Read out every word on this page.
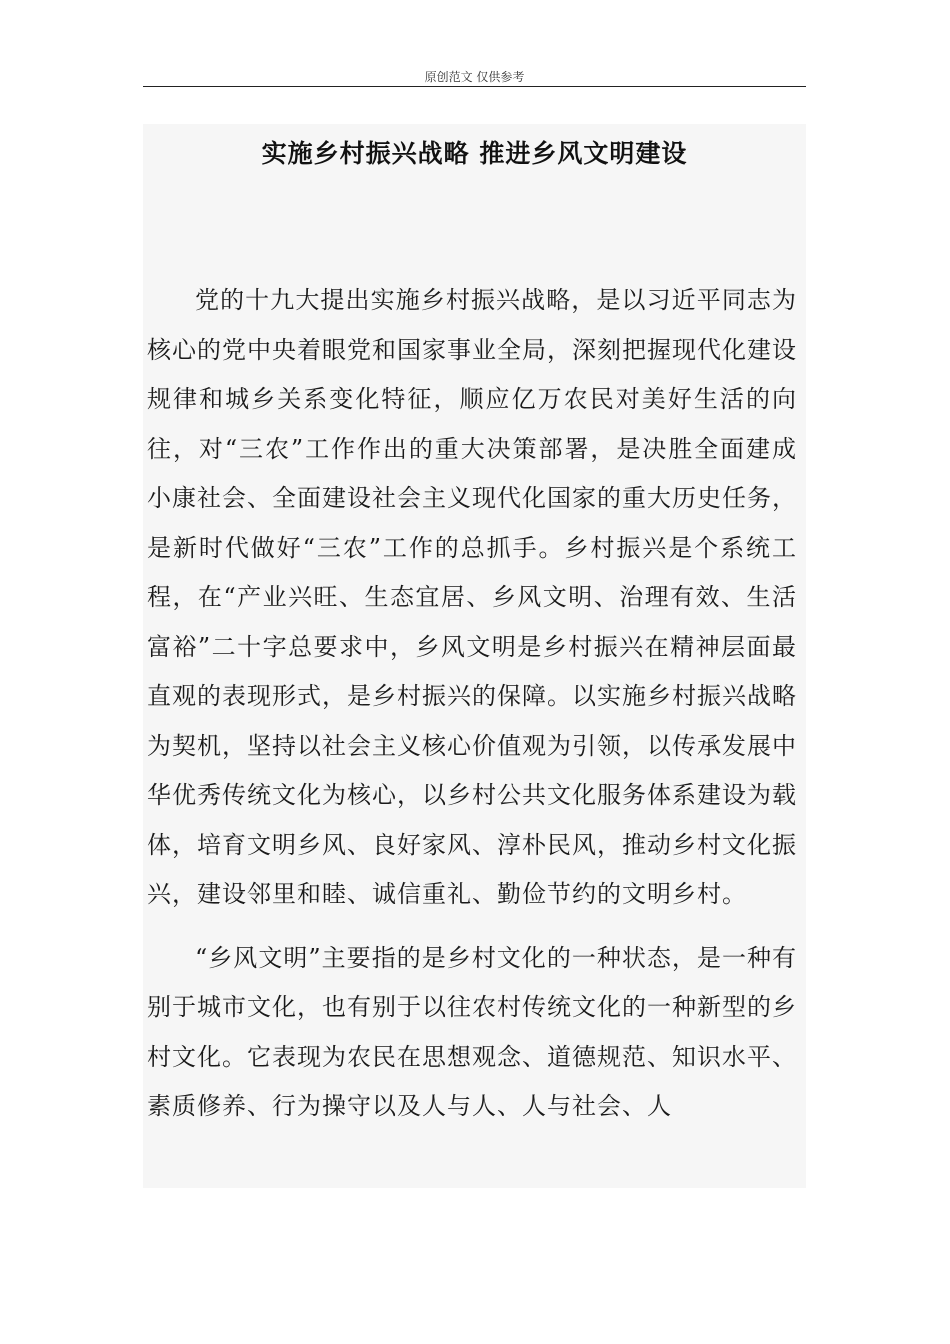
原创范文 仅供参考
实施乡村振兴战略 推进乡风文明建设

党的十九大提出实施乡村振兴战略，是以习近平同志为核心的党中央着眼党和国家事业全局，深刻把握现代化建设规律和城乡关系变化特征，顺应亿万农民对美好生活的向往，对“三农”工作作出的重大决策部署，是决胜全面建成小康社会、全面建设社会主义现代化国家的重大历史任务，是新时代做好“三农”工作的总抓手。乡村振兴是个系统工程，在“产业兴旺、生态宜居、乡风文明、治理有效、生活富裕”二十字总要求中，乡风文明是乡村振兴在精神层面最直观的表现形式，是乡村振兴的保障。以实施乡村振兴战略为契机，坚持以社会主义核心价值观为引领，以传承发展中华优秀传统文化为核心，以乡村公共文化服务体系建设为载体，培育文明乡风、良好家风、淳朴民风，推动乡村文化振兴，建设邻里和睦、诚信重礼、勤俭节约的文明乡村。

“乡风文明”主要指的是乡村文化的一种状态，是一种有别于城市文化，也有别于以往农村传统文化的一种新型的乡村文化。它表现为农民在思想观念、道德规范、知识水平、素质修养、行为操守以及人与人、人与社会、人
